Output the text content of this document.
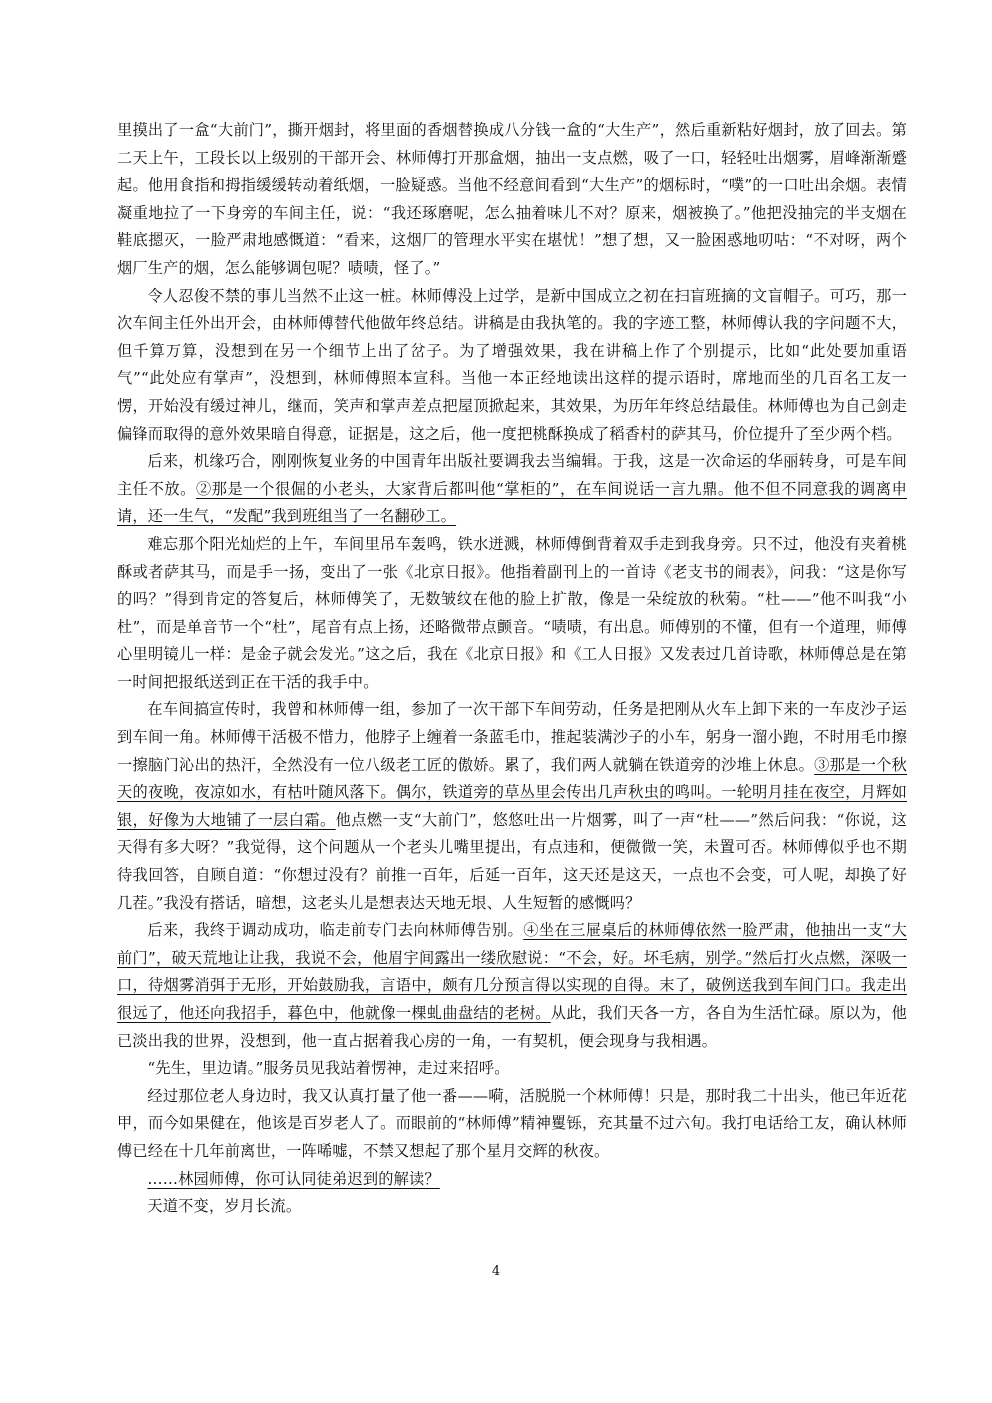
里摸出了一盒“大前门”，撕开烟封，将里面的香烟替换成八分钱一盒的“大生产”，然后重新粘好烟封，放了回去。第二天上午，工段长以上级别的干部开会、林师傅打开那盒烟，抽出一支点燃，吸了一口，轻轻吐出烟雾，眉峰渐渐蹙起。他用食指和拇指缓缓转动着纸烟，一脸疑惑。当他不经意间看到“大生产”的烟标时，“噗”的一口吐出余烟。表情凝重地拉了一下身旁的车间主任，说：“我还琢磨呢，怎么抽着味儿不对？原来，烟被换了。”他把没抽完的半支烟在鞋底摁灭，一脸严肃地感慨道：“看来，这烟厂的管理水平实在堪忧！”想了想，又一脸困惑地叨咕：“不对呀，两个烟厂生产的烟，怎么能够调包呢？啧啧，怪了。”

令人忍俊不禁的事儿当然不止这一桩。林师傅没上过学，是新中国成立之初在扫盲班摘的文盲帽子。可巧，那一次车间主任外出开会，由林师傅替代他做年终总结。讲稿是由我执笔的。我的字迹工整，林师傅认我的字问题不大，但千算万算，没想到在另一个细节上出了岔子。为了增强效果，我在讲稿上作了个别提示，比如“此处要加重语气”“此处应有掌声”，没想到，林师傅照本宣科。当他一本正经地读出这样的提示语时，席地而坐的几百名工友一愣，开始没有缓过神儿，继而，笑声和掌声差点把屋顶掀起来，其效果，为历年年终总结最佳。林师傅也为自己剑走偏锋而取得的意外效果暗自得意，证据是，这之后，他一度把桃酥换成了稻香村的萨其马，价位提升了至少两个档。

后来，机缘巧合，刚刚恢复业务的中国青年出版社要调我去当编辑。于我，这是一次命运的华丽转身，可是车间主任不放。②那是一个很倔的小老头，大家背后都叫他“掌柜的”，在车间说话一言九鼎。他不但不同意我的调离申请，还一生气，“发配”我到班组当了一名翻砂工。

难忘那个阳光灿烂的上午，车间里吊车轰鸣，铁水迸溅，林师傅倒背着双手走到我身旁。只不过，他没有夹着桃酥或者萨其马，而是手一扬，变出了一张《北京日报》。他指着副刊上的一首诗《老支书的闹表》，问我：“这是你写的吗？”得到肯定的答复后，林师傅笑了，无数皱纹在他的脸上扩散，像是一朵绽放的秋菊。“杜——”他不叫我“小杜”，而是单音节一个“杜”，尾音有点上扬，还略微带点颤音。“啧啧，有出息。师傅别的不懂，但有一个道理，师傅心里明镜儿一样：是金子就会发光。”这之后，我在《北京日报》和《工人日报》又发表过几首诗歌，林师傅总是在第一时间把报纸送到正在干活的我手中。

在车间搞宣传时，我曾和林师傅一组，参加了一次干部下车间劳动，任务是把刚从火车上卸下来的一车皮沙子运到车间一角。林师傅干活极不惜力，他脖子上缠着一条蓝毛巾，推起装满沙子的小车，躬身一溜小跑，不时用毛巾擦一擦脑门沁出的热汗，全然没有一位八级老工匠的傲娇。累了，我们两人就躺在铁道旁的沙堆上休息。③那是一个秋天的夜晚，夜凉如水，有枯叶随风落下。偶尔，铁道旁的草丛里会传出几声秋虫的鸣叫。一轮明月挂在夜空，月辉如银，好像为大地铺了一层白霜。他点燃一支“大前门”，悠悠吐出一片烟雾，叫了一声“杜——”然后问我：“你说，这天得有多大呀？”我觉得，这个问题从一个老头儿嘴里提出，有点违和，便微微一笑，未置可否。林师傅似乎也不期待我回答，自顾自道：“你想过没有？前推一百年，后延一百年，这天还是这天，一点也不会变，可人呢，却换了好几茬。”我没有搭话，暗想，这老头儿是想表达天地无垠、人生短暂的感慨吗？

后来，我终于调动成功，临走前专门去向林师傅告别。④坐在三屉桌后的林师傅依然一脸严肃，他抽出一支“大前门”，破天荒地让让我，我说不会，他眉宇间露出一缕欣慰说：“不会，好。坏毛病，别学。”然后打火点燃，深吸一口，待烟雾消弭于无形，开始鼓励我，言语中，颇有几分预言得以实现的自得。末了，破例送我到车间门口。我走出很远了，他还向我招手，暮色中，他就像一棵虬曲盘结的老树。从此，我们天各一方，各自为生活忙碌。原以为，他已淡出我的世界，没想到，他一直占据着我心房的一角，一有契机，便会现身与我相遇。

“先生，里边请。”服务员见我站着愣神，走过来招呼。

经过那位老人身边时，我又认真打量了他一番——嗬，活脱脱一个林师傅！只是，那时我二十出头，他已年近花甲，而今如果健在，他该是百岁老人了。而眼前的“林师傅”精神矍铄，充其量不过六旬。我打电话给工友，确认林师傅已经在十几年前离世，一阵唏嘘，不禁又想起了那个星月交辉的秋夜。

……林园师傅，你可认同徒弟迟到的解读？

天道不变，岁月长流。

4
